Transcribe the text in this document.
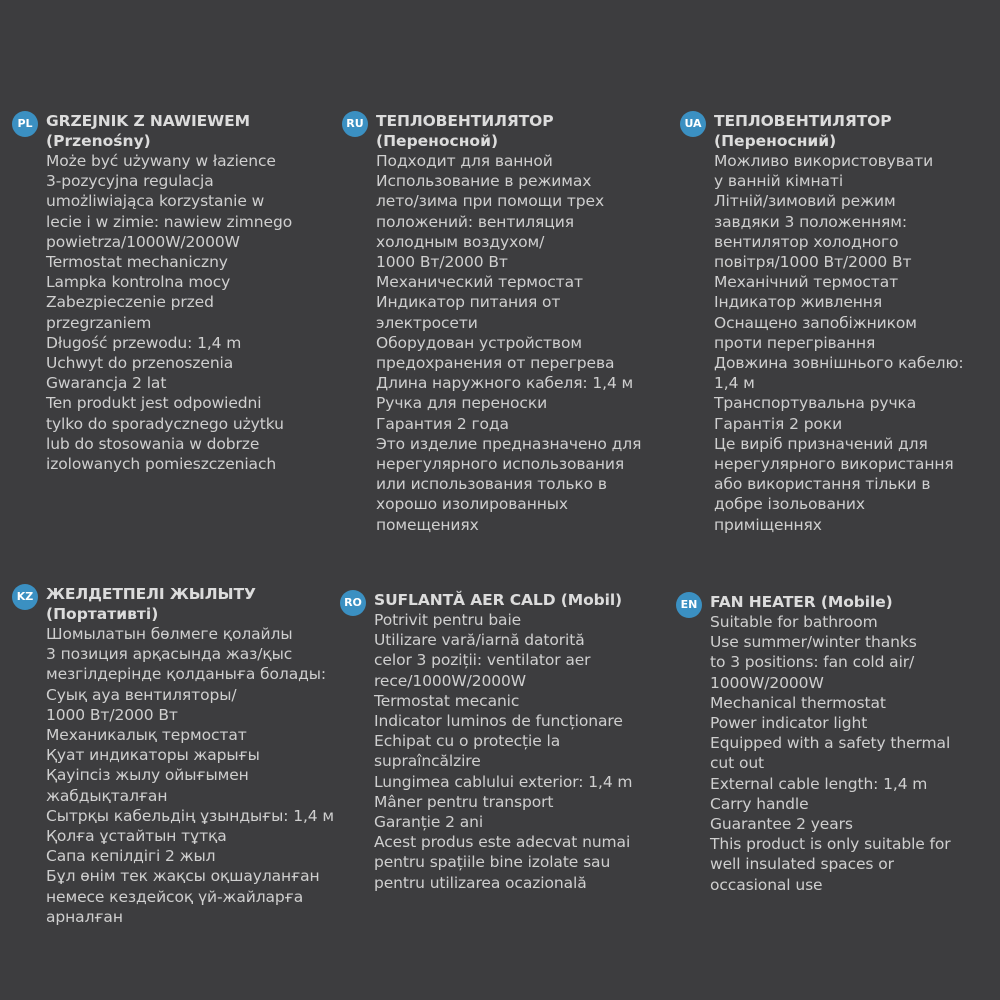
PL GRZEJNIK Z NAWIEWEM
(Przenośny)
Może być używany w łazience
3-pozycyjna regulacja
umożliwiająca korzystanie w
lecie i w zimie: nawiew zimnego
powietrza/1000W/2000W
Termostat mechaniczny
Lampka kontrolna mocy
Zabezpieczenie przed
przegrzaniem
Długość przewodu: 1,4 m
Uchwyt do przenoszenia
Gwarancja 2 lat
Ten produkt jest odpowiedni
tylko do sporadycznego użytku
lub do stosowania w dobrze
izolowanych pomieszczeniach
RU ТЕПЛОВЕНТИЛЯТОР
(Переносной)
Подходит для ванной
Использование в режимах
лето/зима при помощи трех
положений: вентиляция
холодным воздухом/
1000 Вт/2000 Вт
Механический термостат
Индикатор питания от
электросети
Оборудован устройством
предохранения от перегрева
Длина наружного кабеля: 1,4 м
Ручка для переноски
Гарантия 2 года
Это изделие предназначено для
нерегулярного использования
или использования только в
хорошо изолированных
помещениях
UA ТЕПЛОВЕНТИЛЯТОР
(Переносний)
Можливо використовувати
у ванній кімнаті
Літній/зимовий режим
завдяки 3 положенням:
вентилятор холодного
повітря/1000 Вт/2000 Вт
Механічний термостат
Індикатор живлення
Оснащено запобіжником
проти перегрівання
Довжина зовнішнього кабелю:
1,4 м
Транспортувальна ручка
Гарантія 2 роки
Це виріб призначений для
нерегулярного використання
або використання тільки в
добре ізольованих
приміщеннях
KZ ЖЕЛДЕТПЕЛІ ЖЫЛЫТУ
(Портативті)
Шомылатын бөлмеге қолайлы
3 позиция арқасында жаз/қыс
мезгілдерінде қолданыға болады:
Суық ауа вентиляторы/
1000 Вт/2000 Вт
Механикалық термостат
Қуат индикаторы жарығы
Қауіпсіз жылу ойығымен
жабдықталған
Сытрқы кабельдің ұзындығы: 1,4 м
Қолға ұстайтын тұтқа
Сапа кепілдігі 2 жыл
Бұл өнім тек жақсы оқшауланған
немесе кездейсоқ үй-жайларға
арналған
RO SUFLANTĂ AER CALD (Mobil)
Potrivit pentru baie
Utilizare vară/iarnă datorită
celor 3 poziții: ventilator aer
rece/1000W/2000W
Termostat mecanic
Indicator luminos de funcționare
Echipat cu o protecție la
supraîncălzire
Lungimea cablului exterior: 1,4 m
Mâner pentru transport
Garanție 2 ani
Acest produs este adecvat numai
pentru spațiile bine izolate sau
pentru utilizarea ocazională
EN FAN HEATER (Mobile)
Suitable for bathroom
Use summer/winter thanks
to 3 positions: fan cold air/
1000W/2000W
Mechanical thermostat
Power indicator light
Equipped with a safety thermal
cut out
External cable length: 1,4 m
Carry handle
Guarantee 2 years
This product is only suitable for
well insulated spaces or
occasional use
